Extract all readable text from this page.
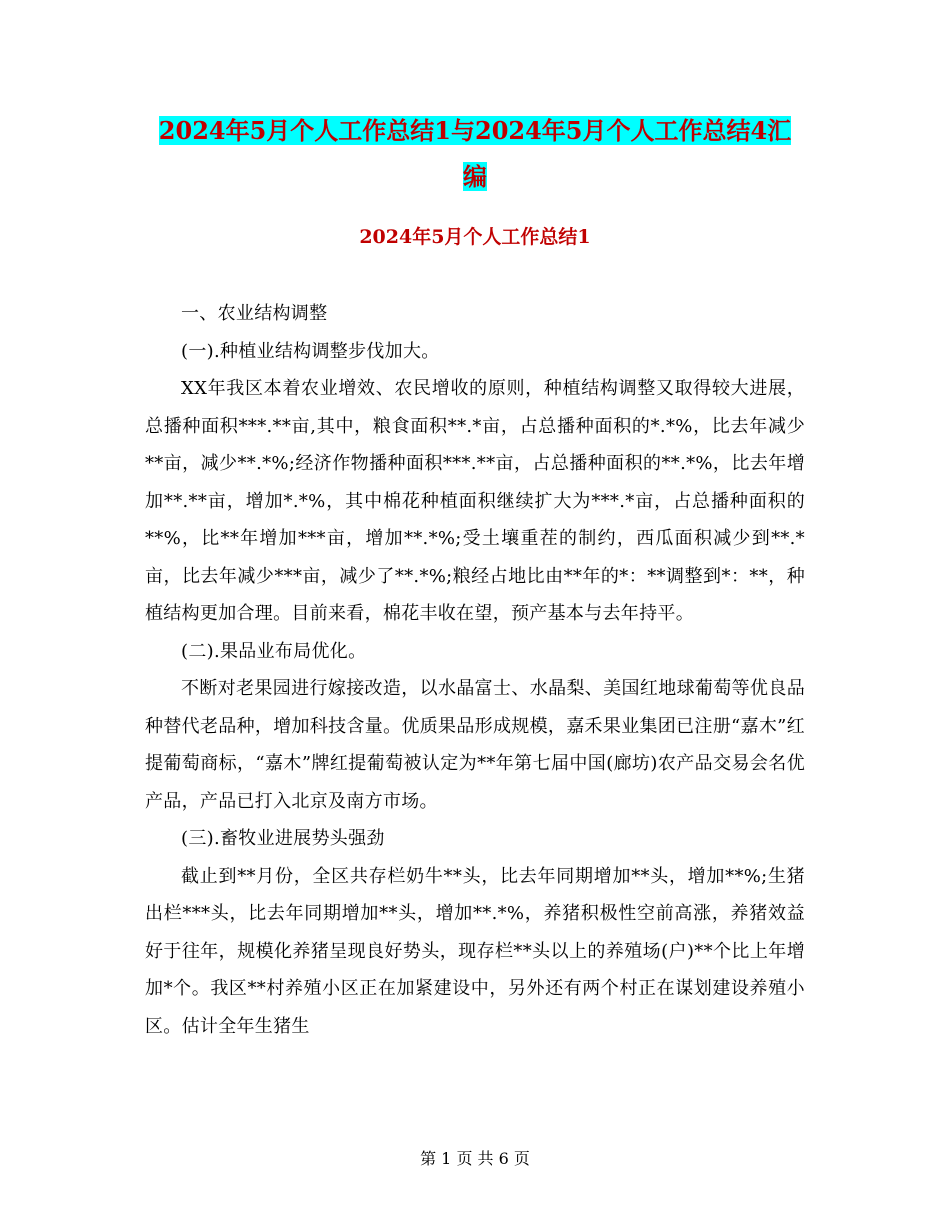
2024年5月个人工作总结1与2024年5月个人工作总结4汇编
2024年5月个人工作总结1

一、农业结构调整

(一).种植业结构调整步伐加大。

XX年我区本着农业增效、农民增收的原则，种植结构调整又取得较大进展，总播种面积***.**亩,其中，粮食面积**.*亩，占总播种面积的*.*%，比去年减少**亩，减少**.*%;经济作物播种面积***.**亩，占总播种面积的**.*%，比去年增加**.**亩，增加*.*%，其中棉花种植面积继续扩大为***.*亩，占总播种面积的**%，比**年增加***亩，增加**.*%;受土壤重茬的制约，西瓜面积减少到**.*亩，比去年减少***亩，减少了**.*%;粮经占地比由**年的*：**调整到*：**，种植结构更加合理。目前来看，棉花丰收在望，预产基本与去年持平。

(二).果品业布局优化。

不断对老果园进行嫁接改造，以水晶富士、水晶梨、美国红地球葡萄等优良品种替代老品种，增加科技含量。优质果品形成规模，嘉禾果业集团已注册“嘉木”红提葡萄商标，“嘉木”牌红提葡萄被认定为**年第七届中国(廊坊)农产品交易会名优产品，产品已打入北京及南方市场。

(三).畜牧业进展势头强劲

截止到**月份，全区共存栏奶牛**头，比去年同期增加**头，增加**%;生猪出栏***头，比去年同期增加**头，增加**.*%，养猪积极性空前高涨，养猪效益好于往年，规模化养猪呈现良好势头，现存栏**头以上的养殖场(户)**个比上年增加*个。我区**村养殖小区正在加紧建设中，另外还有两个村正在谋划建设养殖小区。估计全年生猪生

第 1 页 共 6 页
